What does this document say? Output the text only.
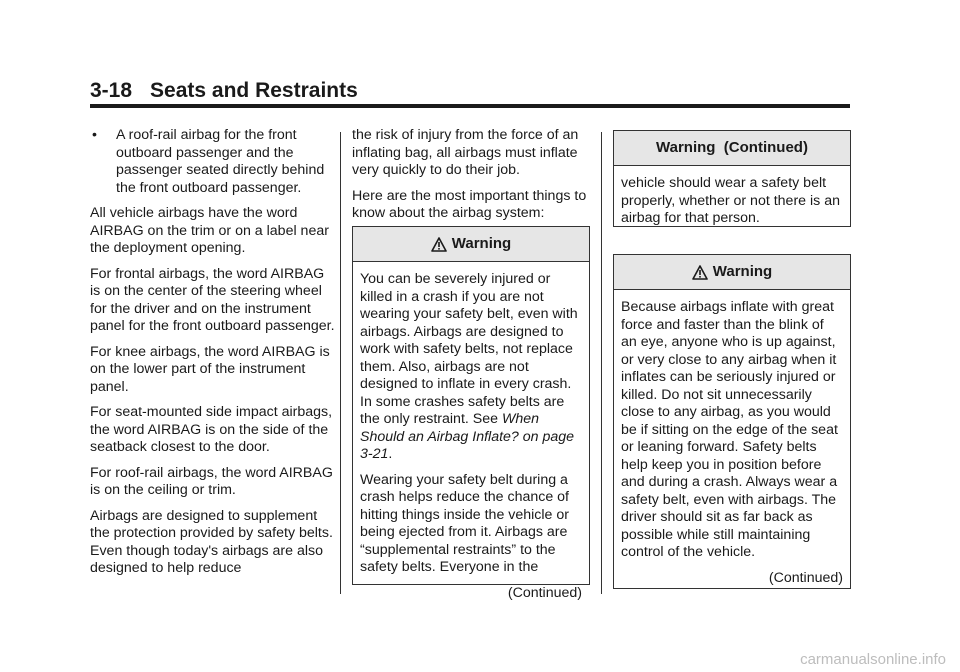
3-18 Seats and Restraints
•	A roof-rail airbag for the front outboard passenger and the passenger seated directly behind the front outboard passenger.

All vehicle airbags have the word AIRBAG on the trim or on a label near the deployment opening.

For frontal airbags, the word AIRBAG is on the center of the steering wheel for the driver and on the instrument panel for the front outboard passenger.

For knee airbags, the word AIRBAG is on the lower part of the instrument panel.

For seat-mounted side impact airbags, the word AIRBAG is on the side of the seatback closest to the door.

For roof-rail airbags, the word AIRBAG is on the ceiling or trim.

Airbags are designed to supplement the protection provided by safety belts. Even though today's airbags are also designed to help reduce

the risk of injury from the force of an inflating bag, all airbags must inflate very quickly to do their job.

Here are the most important things to know about the airbag system:

Warning

You can be severely injured or killed in a crash if you are not wearing your safety belt, even with airbags. Airbags are designed to work with safety belts, not replace them. Also, airbags are not designed to inflate in every crash. In some crashes safety belts are the only restraint. See When Should an Airbag Inflate? on page 3-21.

Wearing your safety belt during a crash helps reduce the chance of hitting things inside the vehicle or being ejected from it. Airbags are “supplemental restraints” to the safety belts. Everyone in the

(Continued)

Warning  (Continued)

vehicle should wear a safety belt properly, whether or not there is an airbag for that person.

Warning

Because airbags inflate with great force and faster than the blink of an eye, anyone who is up against, or very close to any airbag when it inflates can be seriously injured or killed. Do not sit unnecessarily close to any airbag, as you would be if sitting on the edge of the seat or leaning forward. Safety belts help keep you in position before and during a crash. Always wear a safety belt, even with airbags. The driver should sit as far back as possible while still maintaining control of the vehicle.

(Continued)

carmanualsonline.info
